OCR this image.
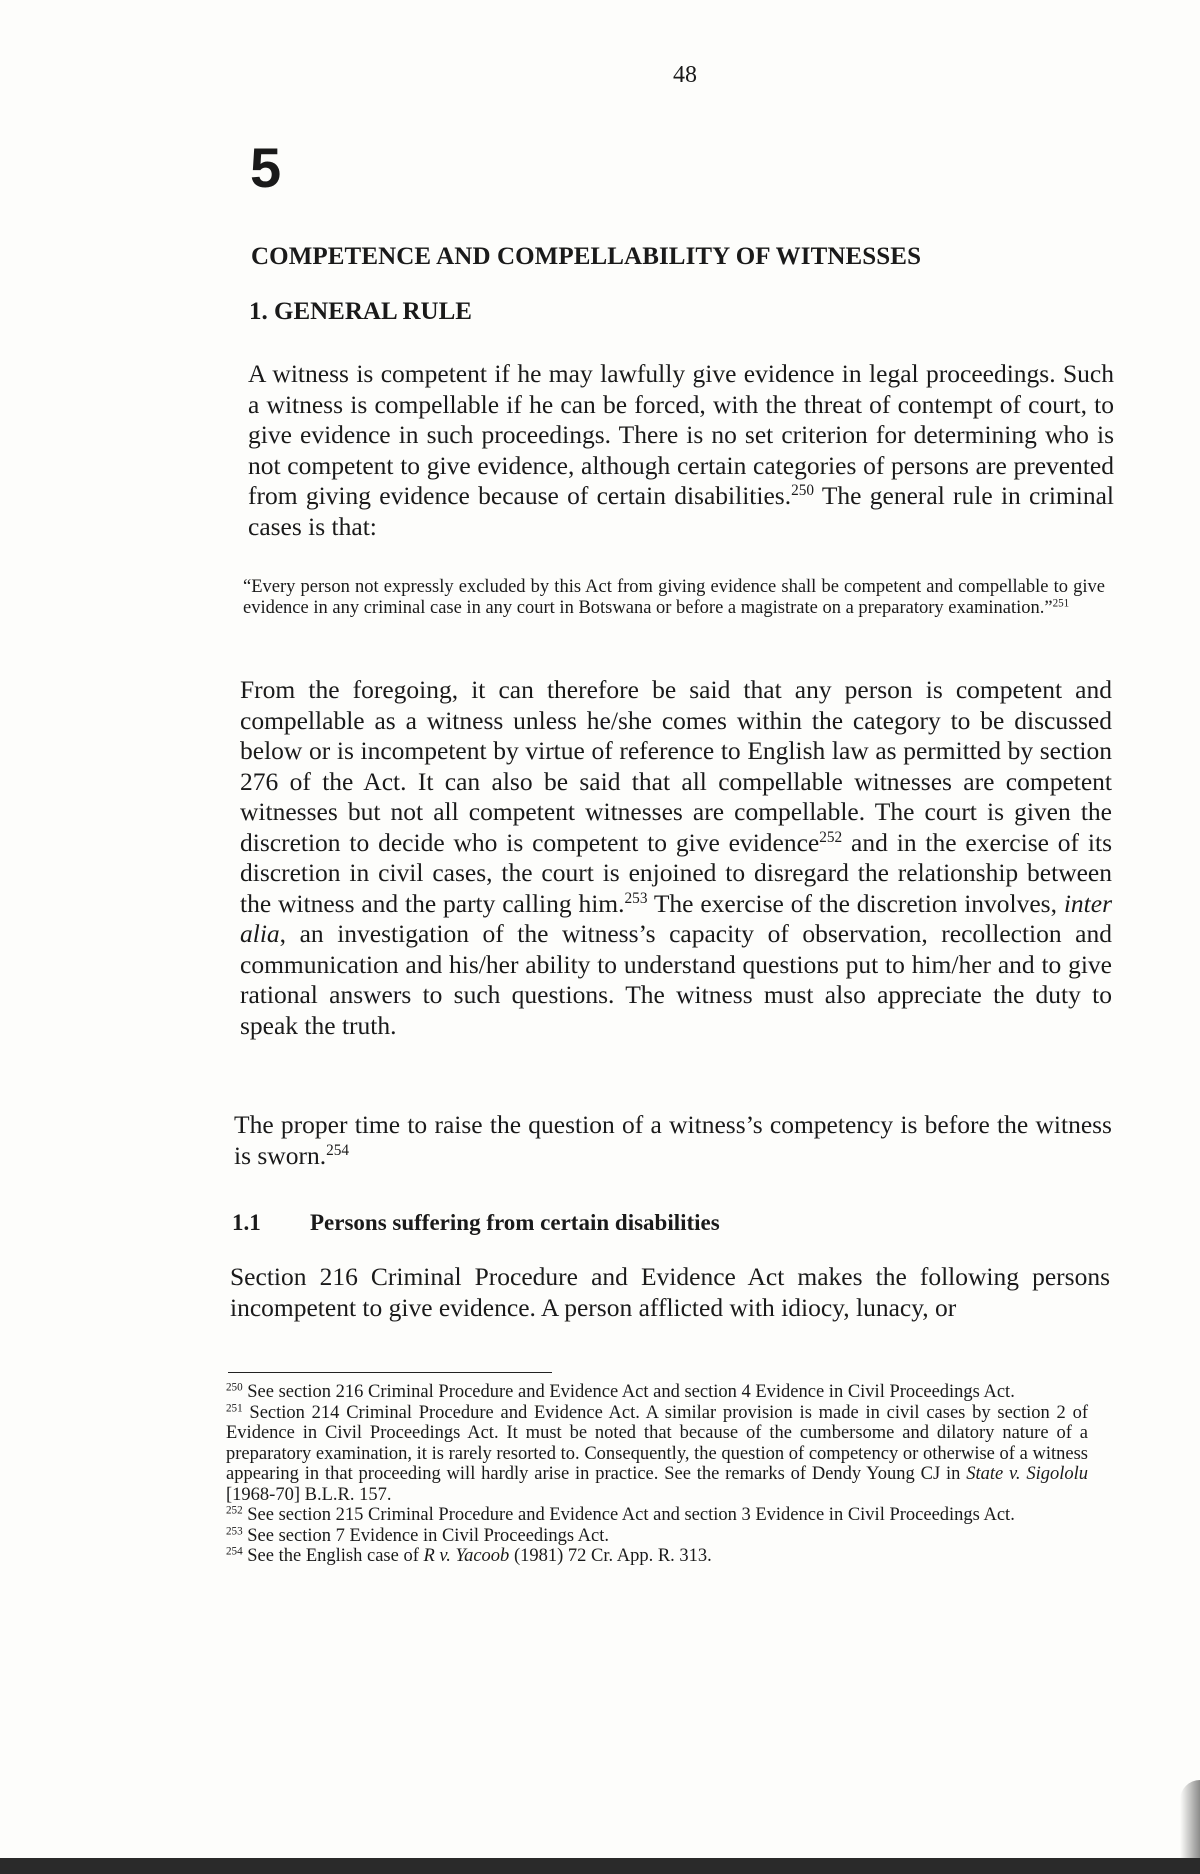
48
5
COMPETENCE AND COMPELLABILITY OF WITNESSES
1. GENERAL RULE

A witness is competent if he may lawfully give evidence in legal proceedings. Such a witness is compellable if he can be forced, with the threat of contempt of court, to give evidence in such proceedings. There is no set criterion for determining who is not competent to give evidence, although certain categories of persons are prevented from giving evidence because of certain disabilities.$^{250}$ The general rule in criminal cases is that:

“Every person not expressly excluded by this Act from giving evidence shall be competent and compellable to give evidence in any criminal case in any court in Botswana or before a magistrate on a preparatory examination.”$^{251}$

From the foregoing, it can therefore be said that any person is competent and compellable as a witness unless he/she comes within the category to be discussed below or is incompetent by virtue of reference to English law as permitted by section 276 of the Act. It can also be said that all compellable witnesses are competent witnesses but not all competent witnesses are compellable. The court is given the discretion to decide who is competent to give evidence$^{252}$ and in the exercise of its discretion in civil cases, the court is enjoined to disregard the relationship between the witness and the party calling him.$^{253}$ The exercise of the discretion involves, inter alia, an investigation of the witness’s capacity of observation, recollection and communication and his/her ability to understand questions put to him/her and to give rational answers to such questions. The witness must also appreciate the duty to speak the truth.

The proper time to raise the question of a witness’s competency is before the witness is sworn.$^{254}$

1.1 Persons suffering from certain disabilities

Section 216 Criminal Procedure and Evidence Act makes the following persons incompetent to give evidence. A person afflicted with idiocy, lunacy, or

$^{250}$ See section 216 Criminal Procedure and Evidence Act and section 4 Evidence in Civil Proceedings Act.

$^{251}$ Section 214 Criminal Procedure and Evidence Act. A similar provision is made in civil cases by section 2 of Evidence in Civil Proceedings Act. It must be noted that because of the cumbersome and dilatory nature of a preparatory examination, it is rarely resorted to. Consequently, the question of competency or otherwise of a witness appearing in that proceeding will hardly arise in practice. See the remarks of Dendy Young CJ in State v. Sigololu [1968-70] B.L.R. 157.

$^{252}$ See section 215 Criminal Procedure and Evidence Act and section 3 Evidence in Civil Proceedings Act.

$^{253}$ See section 7 Evidence in Civil Proceedings Act.

$^{254}$ See the English case of R v. Yacoob (1981) 72 Cr. App. R. 313.
